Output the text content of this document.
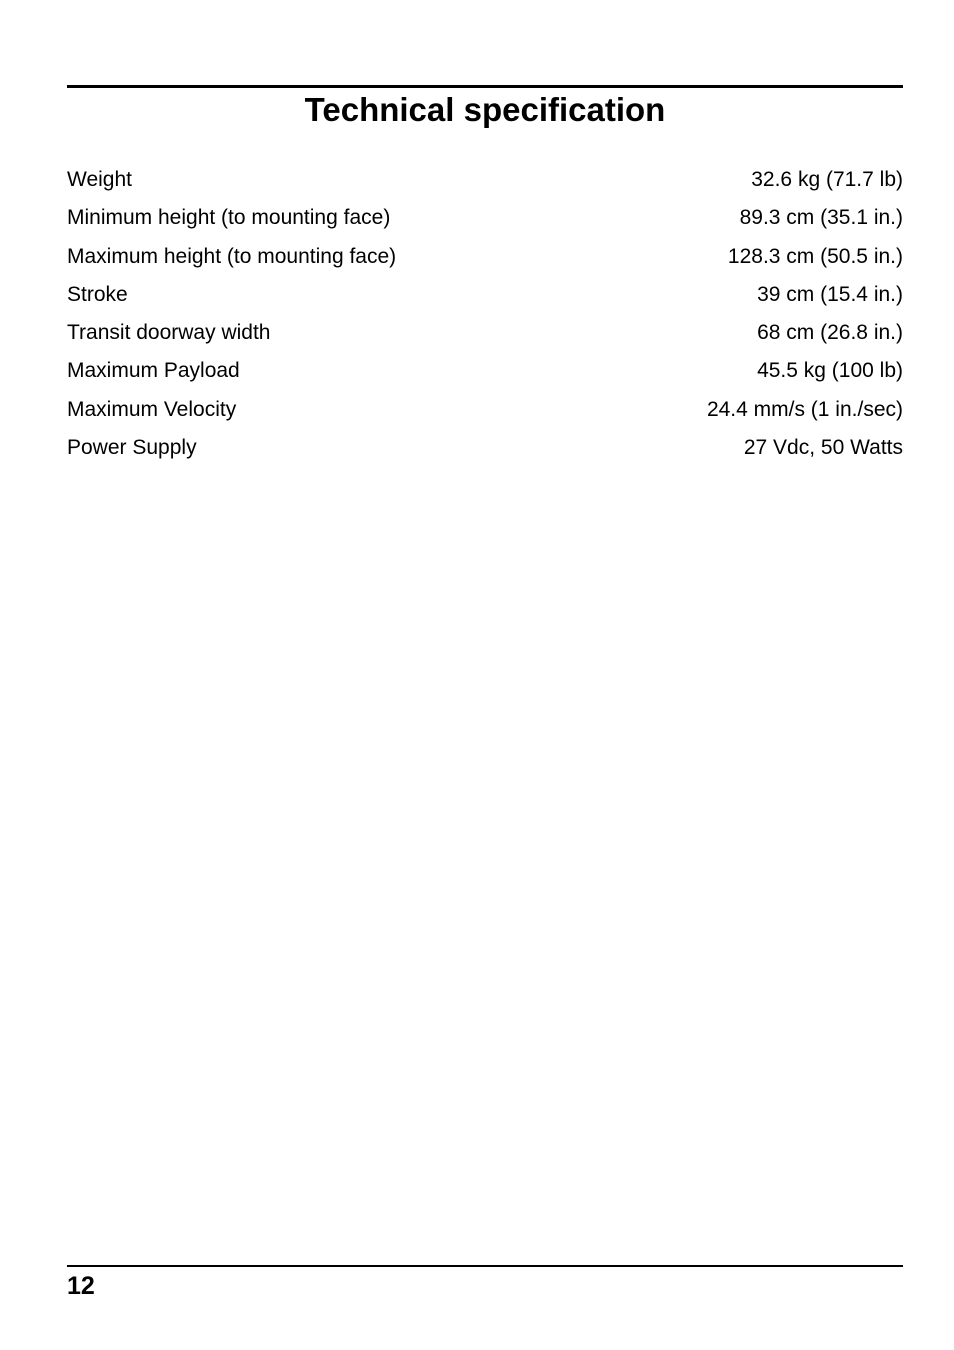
Technical specification
Weight	32.6 kg (71.7 lb)
Minimum height (to mounting face)	89.3 cm (35.1 in.)
Maximum height (to mounting face)	128.3 cm (50.5 in.)
Stroke	39 cm (15.4 in.)
Transit doorway width	68 cm (26.8 in.)
Maximum Payload	45.5 kg (100 lb)
Maximum Velocity	24.4 mm/s (1 in./sec)
Power Supply	27 Vdc, 50 Watts
12
